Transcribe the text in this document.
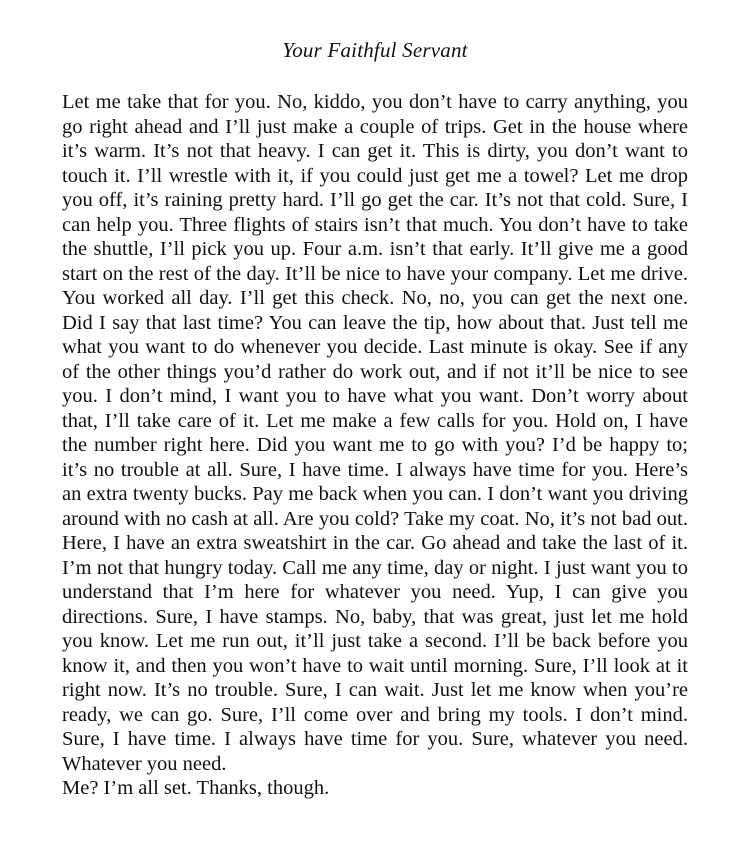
Your Faithful Servant

Let me take that for you. No, kiddo, you don’t have to carry anything, you go right ahead and I’ll just make a couple of trips. Get in the house where it’s warm. It’s not that heavy. I can get it. This is dirty, you don’t want to touch it. I’ll wrestle with it, if you could just get me a towel? Let me drop you off, it’s raining pretty hard. I’ll go get the car. It’s not that cold. Sure, I can help you. Three flights of stairs isn’t that much. You don’t have to take the shuttle, I’ll pick you up. Four a.m. isn’t that early. It’ll give me a good start on the rest of the day. It’ll be nice to have your company. Let me drive. You worked all day. I’ll get this check. No, no, you can get the next one. Did I say that last time? You can leave the tip, how about that. Just tell me what you want to do whenever you decide. Last minute is okay. See if any of the other things you’d rather do work out, and if not it’ll be nice to see you. I don’t mind, I want you to have what you want. Don’t worry about that, I’ll take care of it. Let me make a few calls for you. Hold on, I have the number right here. Did you want me to go with you? I’d be happy to; it’s no trouble at all. Sure, I have time. I always have time for you. Here’s an extra twenty bucks. Pay me back when you can. I don’t want you driving around with no cash at all. Are you cold? Take my coat. No, it’s not bad out. Here, I have an extra sweatshirt in the car. Go ahead and take the last of it. I’m not that hungry today. Call me any time, day or night. I just want you to understand that I’m here for whatever you need. Yup, I can give you directions. Sure, I have stamps. No, baby, that was great, just let me hold you know. Let me run out, it’ll just take a second. I’ll be back before you know it, and then you won’t have to wait until morning. Sure, I’ll look at it right now. It’s no trouble. Sure, I can wait. Just let me know when you’re ready, we can go. Sure, I’ll come over and bring my tools. I don’t mind. Sure, I have time. I always have time for you. Sure, whatever you need. Whatever you need.

Me? I’m all set. Thanks, though.
